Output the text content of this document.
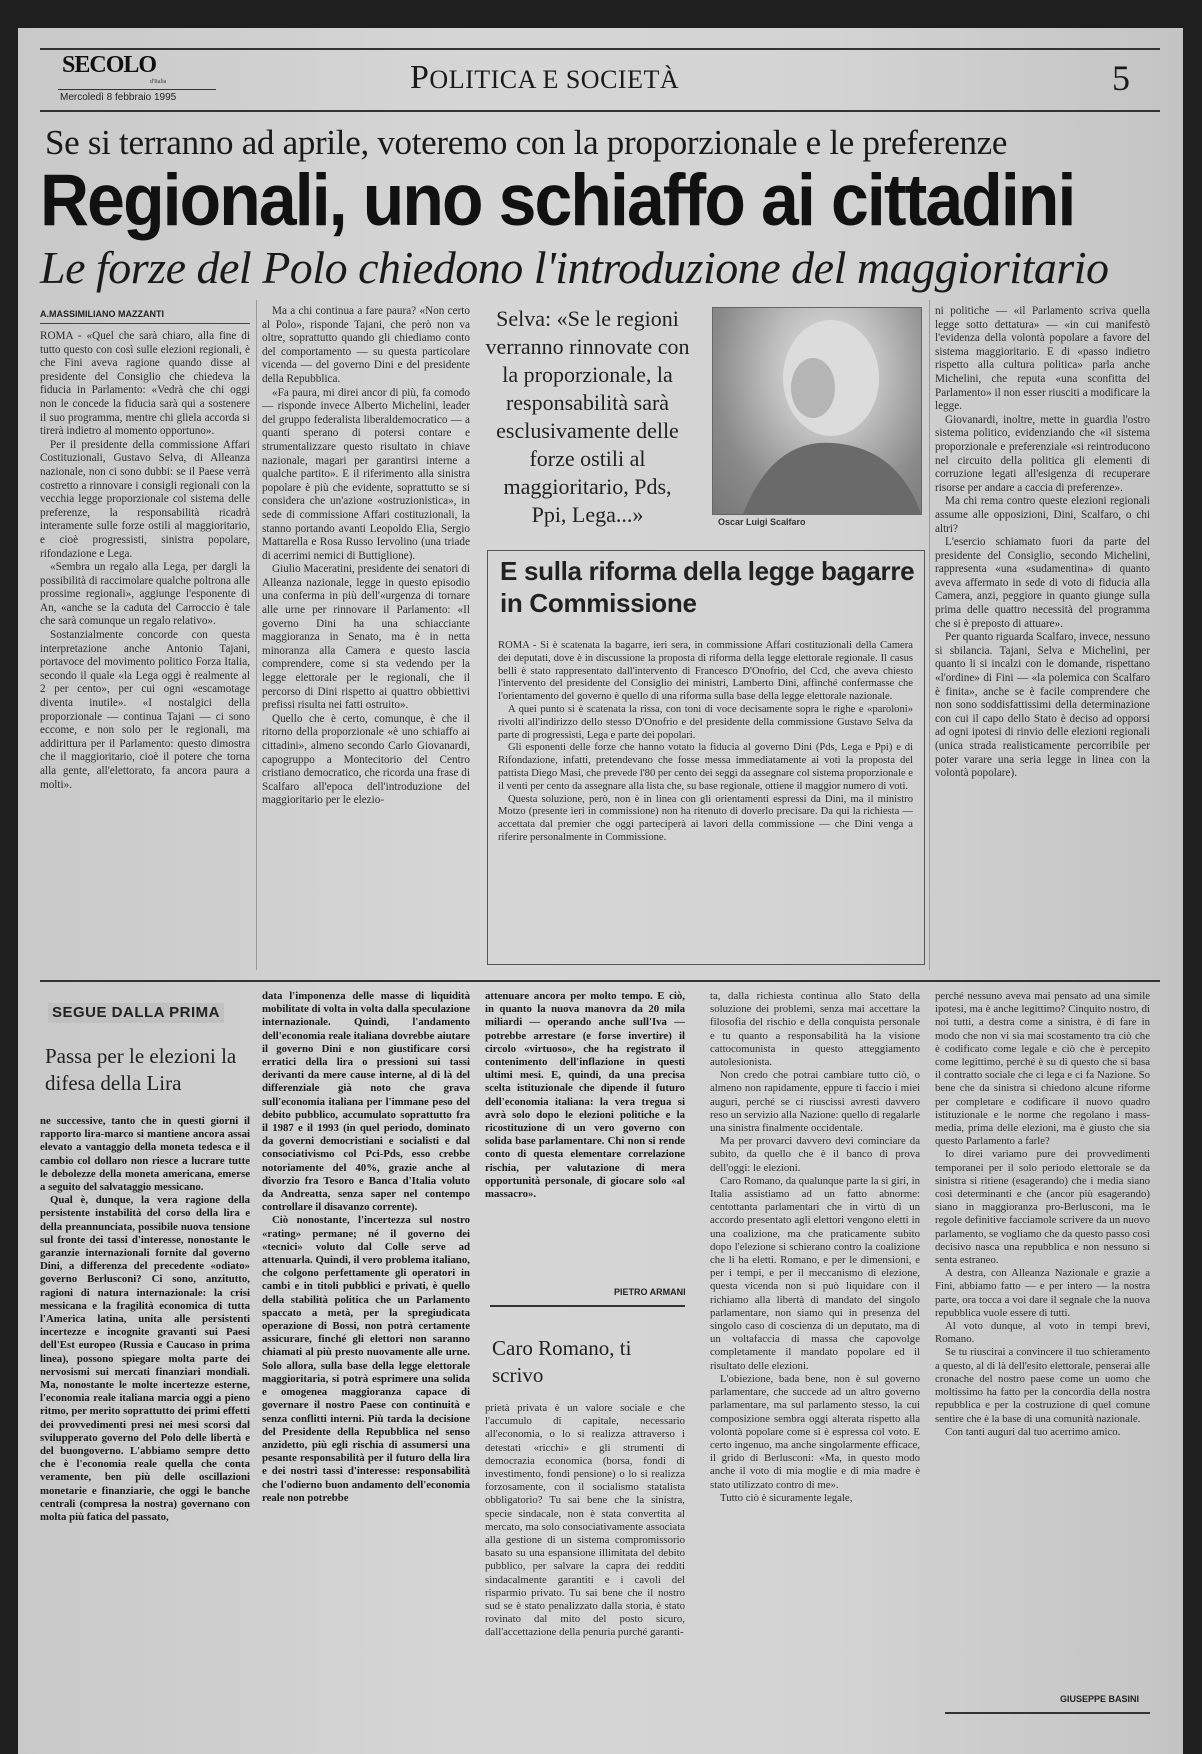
SECOLO
d'Italia
Mercoledì 8 febbraio 1995
POLITICA E SOCIETÀ	5
Se si terranno ad aprile, voteremo con la proporzionale e le preferenze
Regionali, uno schiaffo ai cittadini
Le forze del Polo chiedono l'introduzione del maggioritario
A.MASSIMILIANO MAZZANTI

ROMA - «Quel che sarà chiaro, alla fine di tutto questo con così sulle elezioni regionali, è che Fini aveva ragione quando disse al presidente del Consiglio che chiedeva la fiducia in Parlamento: «Vedrà che chi oggi non le concede la fiducia sarà qui a sostenere il suo programma, mentre chi gliela accorda si tirerà indietro al momento opportuno».

Per il presidente della commissione Affari Costituzionali, Gustavo Selva, di Alleanza nazionale, non ci sono dubbi: se il Paese verrà costretto a rinnovare i consigli regionali con la vecchia legge proporzionale col sistema delle preferenze, la responsabilità ricadrà interamente sulle forze ostili al maggioritario, e cioè progressisti, sinistra popolare, rifondazione e Lega.

«Sembra un regalo alla Lega, per dargli la possibilità di raccimolare qualche poltrona alle prossime regionali», aggiunge l'esponente di An, «anche se la caduta del Carroccio è tale che sarà comunque un regalo relativo».

Sostanzialmente concorde con questa interpretazione anche Antonio Tajani, portavoce del movimento politico Forza Italia, secondo il quale «la Lega oggi è realmente al 2 per cento», per cui ogni «escamotage diventa inutile». «I nostalgici della proporzionale — continua Tajani — ci sono eccome, e non solo per le regionali, ma addirittura per il Parlamento: questo dimostra che il maggioritario, cioè il potere che torna alla gente, all'elettorato, fa ancora paura a molti».

Ma a chi continua a fare paura? «Non certo al Polo», risponde Tajani, che però non va oltre, soprattutto quando gli chiediamo conto del comportamento — su questa particolare vicenda — del governo Dini e del presidente della Repubblica.

«Fa paura, mi direi ancor di più, fa comodo — risponde invece Alberto Michelini, leader del gruppo federalista liberaldemocratico — a quanti sperano di potersi contare e strumentalizzare questo risultato in chiave nazionale, magari per garantirsi interne a qualche partito». E il riferimento alla sinistra popolare è più che evidente, soprattutto se si considera che un'azione «ostruzionistica», in sede di commissione Affari costituzionali, la stanno portando avanti Leopoldo Elia, Sergio Mattarella e Rosa Russo Iervolino (una triade di acerrimi nemici di Buttiglione).

Giulio Maceratini, presidente dei senatori di Alleanza nazionale, legge in questo episodio una conferma in più dell'«urgenza di tornare alle urne per rinnovare il Parlamento: «Il governo Dini ha una schiacciante maggioranza in Senato, ma è in netta minoranza alla Camera e questo lascia comprendere, come si sta vedendo per la legge elettorale per le regionali, che il percorso di Dini rispetto ai quattro obbiettivi prefissi risulta nei fatti ostruito».

Quello che è certo, comunque, è che il ritorno della proporzionale «è uno schiaffo ai cittadini», almeno secondo Carlo Giovanardi, capogruppo a Montecitorio del Centro cristiano democratico, che ricorda una frase di Scalfaro all'epoca dell'introduzione del maggioritario per le elezio-

Selva: «Se le regioni verranno rinnovate con la proporzionale, la responsabilità sarà esclusivamente delle forze ostili al maggioritario, Pds, Ppi, Lega...»	Oscar Luigi Scalfaro

ni politiche — «il Parlamento scriva quella legge sotto dettatura» — «in cui manifestò l'evidenza della volontà popolare a favore del sistema maggioritario. E di «passo indietro rispetto alla cultura politica» parla anche Michelini, che reputa «una sconfitta del Parlamento» il non esser riusciti a modificare la legge.

Giovanardi, inoltre, mette in guardia l'ostro sistema politico, evidenziando che «il sistema proporzionale e preferenziale «si reintroducono nel circuito della politica gli elementi di corruzione legati all'esigenza di recuperare risorse per andare a caccia di preferenze».

Ma chi rema contro queste elezioni regionali assume alle opposizioni, Dini, Scalfaro, o chi altri?

L'esercio schiamato fuori da parte del presidente del Consiglio, secondo Michelini, rappresenta «una «sudamentina» di quanto aveva affermato in sede di voto di fiducia alla Camera, anzi, peggiore in quanto giunge sulla prima delle quattro necessità del programma che si è preposto di attuare».

Per quanto riguarda Scalfaro, invece, nessuno si sbilancia. Tajani, Selva e Michelini, per quanto li si incalzi con le domande, rispettano «l'ordine» di Fini — «la polemica con Scalfaro è finita», anche se è facile comprendere che non sono soddisfattissimi della determinazione con cui il capo dello Stato è deciso ad opporsi ad ogni ipotesi di rinvio delle elezioni regionali (unica strada realisticamente percorribile per poter varare una seria legge in linea con la volontà popolare).

E sulla riforma della legge bagarre in Commissione

ROMA - Si è scatenata la bagarre, ieri sera, in commissione Affari costituzionali della Camera dei deputati, dove è in discussione la proposta di riforma della legge elettorale regionale. Il casus belli è stato rappresentato dall'intervento di Francesco D'Onofrio, del Ccd, che aveva chiesto l'intervento del presidente del Consiglio dei ministri, Lamberto Dini, affinché confermasse che l'orientamento del governo è quello di una riforma sulla base della legge elettorale nazionale.

A quei punto si è scatenata la rissa, con toni di voce decisamente sopra le righe e «paroloni» rivolti all'indirizzo dello stesso D'Onofrio e del presidente della commissione Gustavo Selva da parte di progressisti, Lega e parte dei popolari.

Gli esponenti delle forze che hanno votato la fiducia al governo Dini (Pds, Lega e Ppi) e di Rifondazione, infatti, pretendevano che fosse messa immediatamente ai voti la proposta del pattista Diego Masi, che prevede l'80 per cento dei seggi da assegnare col sistema proporzionale e il venti per cento da assegnare alla lista che, su base regionale, ottiene il maggior numero di voti.

Questa soluzione, però, non è in linea con gli orientamenti espressi da Dini, ma il ministro Motzo (presente ieri in commissione) non ha ritenuto di doverlo precisare. Da qui la richiesta — accettata dal premier che oggi parteciperà ai lavori della commissione — che Dini venga a riferire personalmente in Commissione.

SEGUE DALLA PRIMA
Passa per le elezioni la difesa della Lira

ne successive, tanto che in questi giorni il rapporto lira-marco si mantiene ancora assai elevato a vantaggio della moneta tedesca e il cambio col dollaro non riesce a lucrare tutte le debolezze della moneta americana, emerse a seguito del salvataggio messicano.

Qual è, dunque, la vera ragione della persistente instabilità del corso della lira e della preannunciata, possibile nuova tensione sul fronte dei tassi d'interesse, nonostante le garanzie internazionali fornite dal governo Dini, a differenza del precedente «odiato» governo Berlusconi? Ci sono, anzitutto, ragioni di natura internazionale: la crisi messicana e la fragilità economica di tutta l'America latina, unita alle persistenti incertezze e incognite gravanti sui Paesi dell'Est europeo (Russia e Caucaso in prima linea), possono spiegare molta parte dei nervosismi sui mercati finanziari mondiali. Ma, nonostante le molte incertezze esterne, l'economia reale italiana marcia oggi a pieno ritmo, per merito soprattutto dei primi effetti dei provvedimenti presi nei mesi scorsi dal svilupperato governo del Polo delle libertà e del buongoverno. L'abbiamo sempre detto che è l'economia reale quella che conta veramente, ben più delle oscillazioni monetarie e finanziarie, che oggi le banche centrali (compresa la nostra) governano con molta più fatica del passato,

data l'imponenza delle masse di liquidità mobilitate di volta in volta dalla speculazione internazionale. Quindi, l'andamento dell'economia reale italiana dovrebbe aiutare il governo Dini e non giustificare corsi erratici della lira o pressioni sui tassi derivanti da mere cause interne, al di là del differenziale già noto che grava sull'economia italiana per l'immane peso del debito pubblico, accumulato soprattutto fra il 1987 e il 1993 (in quel periodo, dominato da governi democristiani e socialisti e dal consociativismo col Pci-Pds, esso crebbe notoriamente del 40%, grazie anche al divorzio fra Tesoro e Banca d'Italia voluto da Andreatta, senza saper nel contempo controllare il disavanzo corrente).

Ciò nonostante, l'incertezza sul nostro «rating» permane; né il governo dei «tecnici» voluto dal Colle serve ad attenuarla. Quindi, il vero problema italiano, che colgono perfettamente gli operatori in cambi e in titoli pubblici e privati, è quello della stabilità politica che un Parlamento spaccato a metà, per la spregiudicata operazione di Bossi, non potrà certamente assicurare, finché gli elettori non saranno chiamati al più presto nuovamente alle urne. Solo allora, sulla base della legge elettorale maggioritaria, si potrà esprimere una solida e omogenea maggioranza capace di governare il nostro Paese con continuità e senza conflitti interni. Più tarda la decisione del Presidente della Repubblica nel senso anzidetto, più egli rischia di assumersi una pesante responsabilità per il futuro della lira e dei nostri tassi d'interesse: responsabilità che l'odierno buon andamento dell'economia reale non potrebbe

attenuare ancora per molto tempo. E ciò, in quanto la nuova manovra da 20 mila miliardi — operando anche sull'Iva — potrebbe arrestare (e forse invertire) il circolo «virtuoso», che ha registrato il contenimento dell'inflazione in questi ultimi mesi. E, quindi, da una precisa scelta istituzionale che dipende il futuro dell'economia italiana: la vera tregua si avrà solo dopo le elezioni politiche e la ricostituzione di un vero governo con solida base parlamentare. Chi non si rende conto di questa elementare correlazione rischia, per valutazione di mera opportunità personale, di giocare solo «al massacro».

PIETRO ARMANI
Caro Romano, ti scrivo

prietà privata è un valore sociale e che l'accumulo di capitale, necessario all'economia, o lo si realizza attraverso i detestati «ricchi» e gli strumenti di democrazia economica (borsa, fondi di investimento, fondi pensione) o lo si realizza forzosamente, con il socialismo statalista obbligatorio? Tu sai bene che la sinistra, specie sindacale, non è stata convertita al mercato, ma solo consociativamente associata alla gestione di un sistema compromissorio basato su una espansione illimitata del debito pubblico, per salvare la capra dei redditi sindacalmente garantiti e i cavoli del risparmio privato. Tu sai bene che il nostro sud se è stato penalizzato dalla storia, è stato rovinato dal mito del posto sicuro, dall'accettazione della penuria purché garanti-

ta, dalla richiesta continua allo Stato della soluzione dei problemi, senza mai accettare la filosofia del rischio e della conquista personale e tu quanto a responsabilità ha la visione cattocomunista in questo atteggiamento autolesionista.

Non credo che potrai cambiare tutto ciò, o almeno non rapidamente, eppure ti faccio i miei auguri, perché se ci riuscissi avresti davvero reso un servizio alla Nazione: quello di regalarle una sinistra finalmente occidentale.

Ma per provarci davvero devi cominciare da subito, da quello che è il banco di prova dell'oggi: le elezioni.

Caro Romano, da qualunque parte la si giri, in Italia assistiamo ad un fatto abnorme: centottanta parlamentari che in virtù di un accordo presentato agli elettori vengono eletti in una coalizione, ma che praticamente subito dopo l'elezione si schierano contro la coalizione che li ha eletti. Romano, e per le dimensioni, e per i tempi, e per il meccanismo di elezione, questa vicenda non si può liquidare con il richiamo alla libertà di mandato del singolo parlamentare, non siamo qui in presenza del singolo caso di coscienza di un deputato, ma di un voltafaccia di massa che capovolge completamente il mandato popolare ed il risultato delle elezioni.

L'obiezione, bada bene, non è sul governo parlamentare, che succede ad un altro governo parlamentare, ma sul parlamento stesso, la cui composizione sembra oggi alterata rispetto alla volontà popolare come si è espressa col voto. E certo ingenuo, ma anche singolarmente efficace, il grido di Berlusconi: «Ma, in questo modo anche il voto di mia moglie e di mia madre è stato utilizzato contro di me».

Tutto ciò è sicuramente legale,

perché nessuno aveva mai pensato ad una simile ipotesi, ma è anche legittimo? Cinquito nostro, di noi tutti, a destra come a sinistra, è di fare in modo che non vi sia mai scostamento tra ciò che è codificato come legale e ciò che è percepito come legittimo, perché è su di questo che si basa il contratto sociale che ci lega e ci fa Nazione. So bene che da sinistra si chiedono alcune riforme per completare e codificare il nuovo quadro istituzionale e le norme che regolano i mass-media, prima delle elezioni, ma è giusto che sia questo Parlamento a farle?

Io direi varìamo pure dei provvedimenti temporanei per il solo periodo elettorale se da sinistra si ritiene (esagerando) che i media siano così determinanti e che (ancor più esagerando) siano in maggioranza pro-Berlusconi, ma le regole definitive facciamole scrivere da un nuovo parlamento, se vogliamo che da questo passo così decisivo nasca una repubblica e non nessuno si senta estraneo.

A destra, con Alleanza Nazionale e grazie a Fini, abbiamo fatto — e per intero — la nostra parte, ora tocca a voi dare il segnale che la nuova repubblica vuole essere di tutti.

Al voto dunque, al voto in tempi brevi, Romano.

Se tu riuscirai a convincere il tuo schieramento a questo, al di là dell'esito elettorale, penserai alle cronache del nostro paese come un uomo che moltissimo ha fatto per la concordia della nostra repubblica e per la costruzione di quel comune sentire che è la base di una comunità nazionale.

Con tanti auguri dal tuo acerrimo amico.

GIUSEPPE BASINI
